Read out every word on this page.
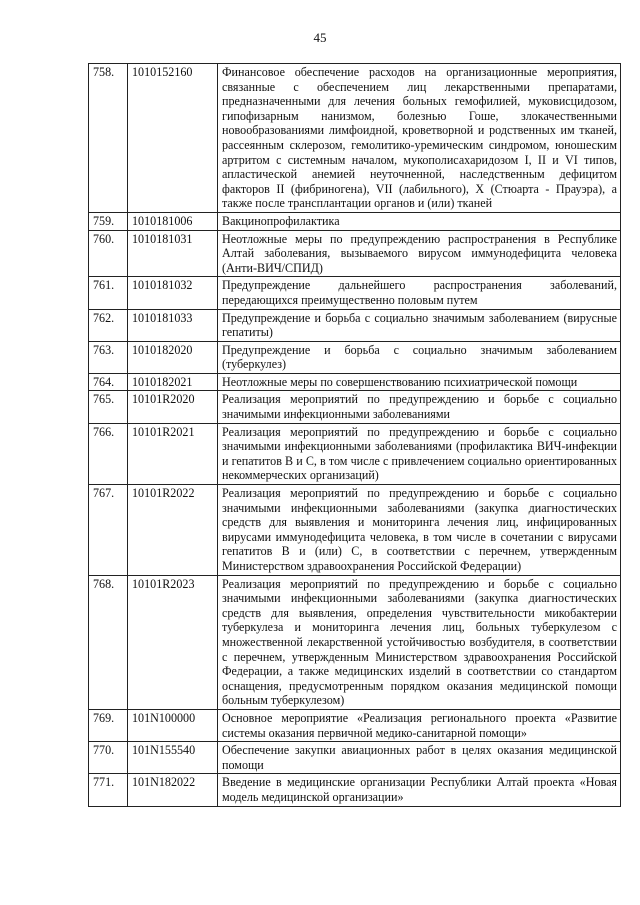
45
758.	1010152160	Финансовое обеспечение расходов на организационные мероприятия, связанные с обеспечением лиц лекарственными препаратами, предназначенными для лечения больных гемофилией, муковисцидозом, гипофизарным нанизмом, болезнью Гоше, злокачественными новообразованиями лимфоидной, кроветворной и родственных им тканей, рассеянным склерозом, гемолитико-уремическим синдромом, юношеским артритом с системным началом, мукополисахаридозом I, II и VI типов, апластической анемией неуточненной, наследственным дефицитом факторов II (фибриногена), VII (лабильного), X (Стюарта - Прауэра), а также после трансплантации органов и (или) тканей
759.	1010181006	Вакцинопрофилактика
760.	1010181031	Неотложные меры по предупреждению распространения в Республике Алтай заболевания, вызываемого вирусом иммунодефицита человека (Анти-ВИЧ/СПИД)
761.	1010181032	Предупреждение дальнейшего распространения заболеваний, передающихся преимущественно половым путем
762.	1010181033	Предупреждение и борьба с социально значимым заболеванием (вирусные гепатиты)
763.	1010182020	Предупреждение и борьба с социально значимым заболеванием (туберкулез)
764.	1010182021	Неотложные меры по совершенствованию психиатрической помощи
765.	10101R2020	Реализация мероприятий по предупреждению и борьбе с социально значимыми инфекционными заболеваниями
766.	10101R2021	Реализация мероприятий по предупреждению и борьбе с социально значимыми инфекционными заболеваниями (профилактика ВИЧ-инфекции и гепатитов B и C, в том числе с привлечением социально ориентированных некоммерческих организаций)
767.	10101R2022	Реализация мероприятий по предупреждению и борьбе с социально значимыми инфекционными заболеваниями (закупка диагностических средств для выявления и мониторинга лечения лиц, инфицированных вирусами иммунодефицита человека, в том числе в сочетании с вирусами гепатитов B и (или) C, в соответствии с перечнем, утвержденным Министерством здравоохранения Российской Федерации)
768.	10101R2023	Реализация мероприятий по предупреждению и борьбе с социально значимыми инфекционными заболеваниями (закупка диагностических средств для выявления, определения чувствительности микобактерии туберкулеза и мониторинга лечения лиц, больных туберкулезом с множественной лекарственной устойчивостью возбудителя, в соответствии с перечнем, утвержденным Министерством здравоохранения Российской Федерации, а также медицинских изделий в соответствии со стандартом оснащения, предусмотренным порядком оказания медицинской помощи больным туберкулезом)
769.	101N100000	Основное мероприятие «Реализация регионального проекта «Развитие системы оказания первичной медико-санитарной помощи»
770.	101N155540	Обеспечение закупки авиационных работ в целях оказания медицинской помощи
771.	101N182022	Введение в медицинские организации Республики Алтай проекта «Новая модель медицинской организации»
